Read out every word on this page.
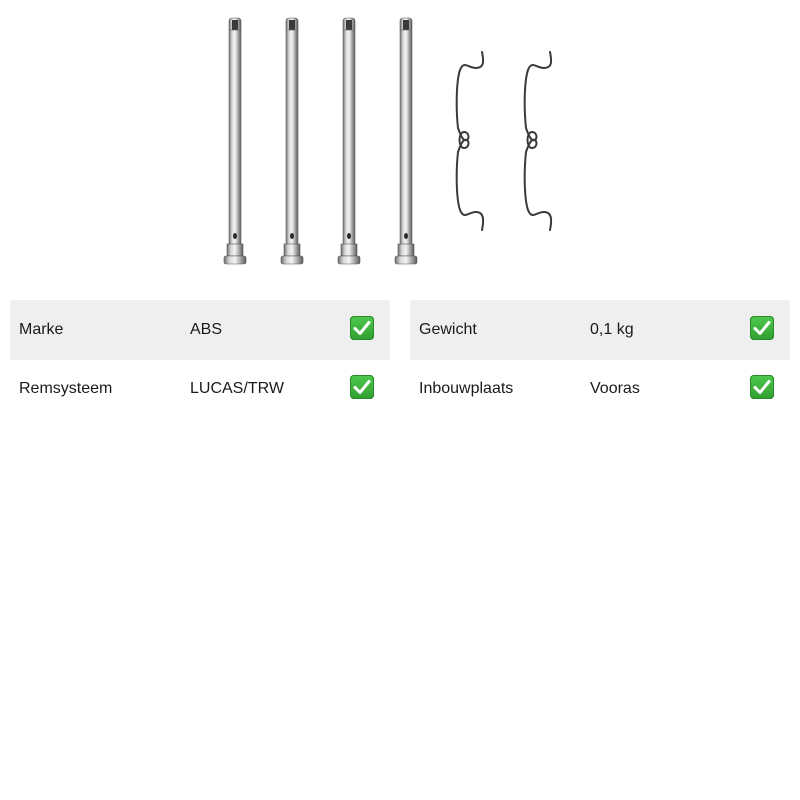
Marke	ABS
Remsysteem	LUCAS/TRW
Gewicht	0,1 kg
Inbouwplaats	Vooras
